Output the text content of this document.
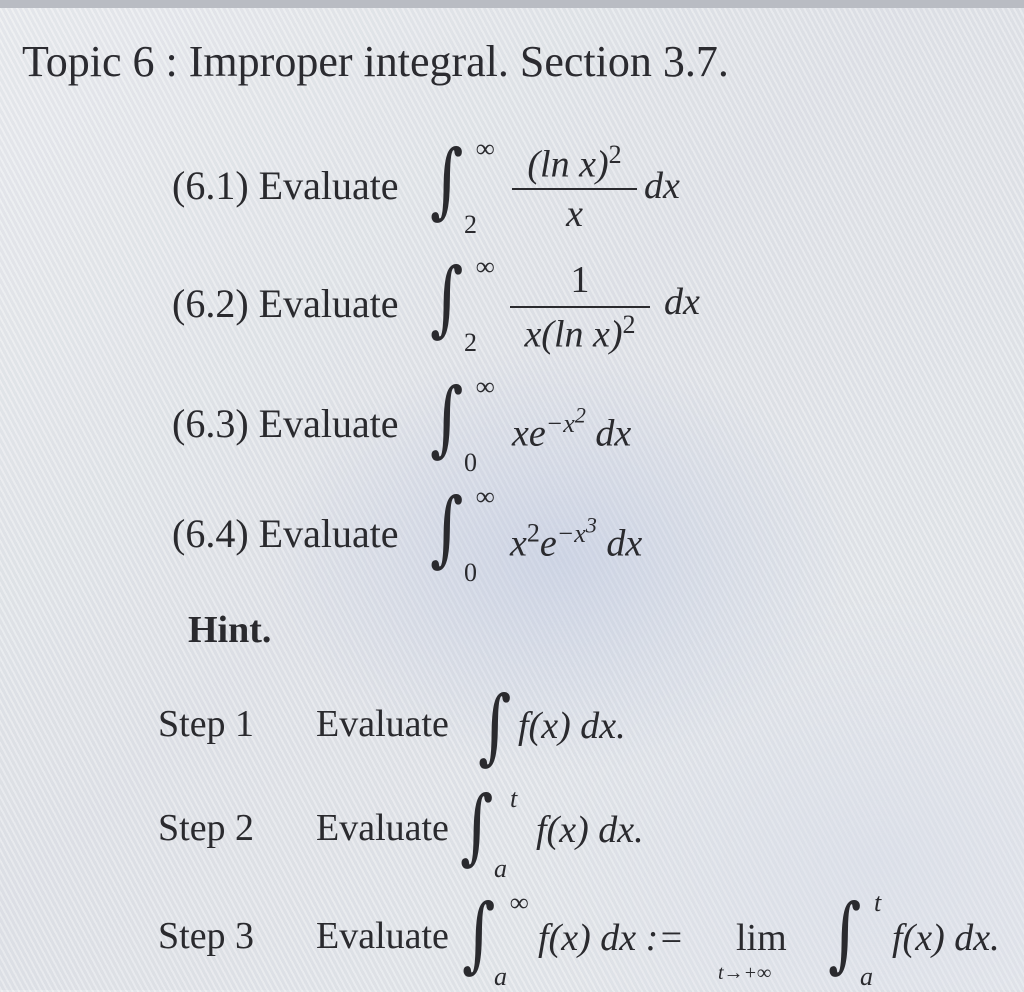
Topic 6 : Improper integral. Section 3.7.
(6.1) Evaluate ∫ ∞
2
(ln x)$^2$
x
dx
(6.2) Evaluate ∫ ∞
2
1
x(ln x)$^2$
dx
(6.3) Evaluate ∫ ∞
0
$xe^{-x^2}$ dx
(6.4) Evaluate ∫ ∞
0
$x^2e^{-x^3}$ dx
Hint.
Step 1 Evaluate ∫ f(x) dx.
Step 2 Evaluate ∫ t
a
f(x) dx.
Step 3 Evaluate ∫ ∞
a
f(x) dx := lim
t→+∞ ∫ t
a
f(x) dx.
